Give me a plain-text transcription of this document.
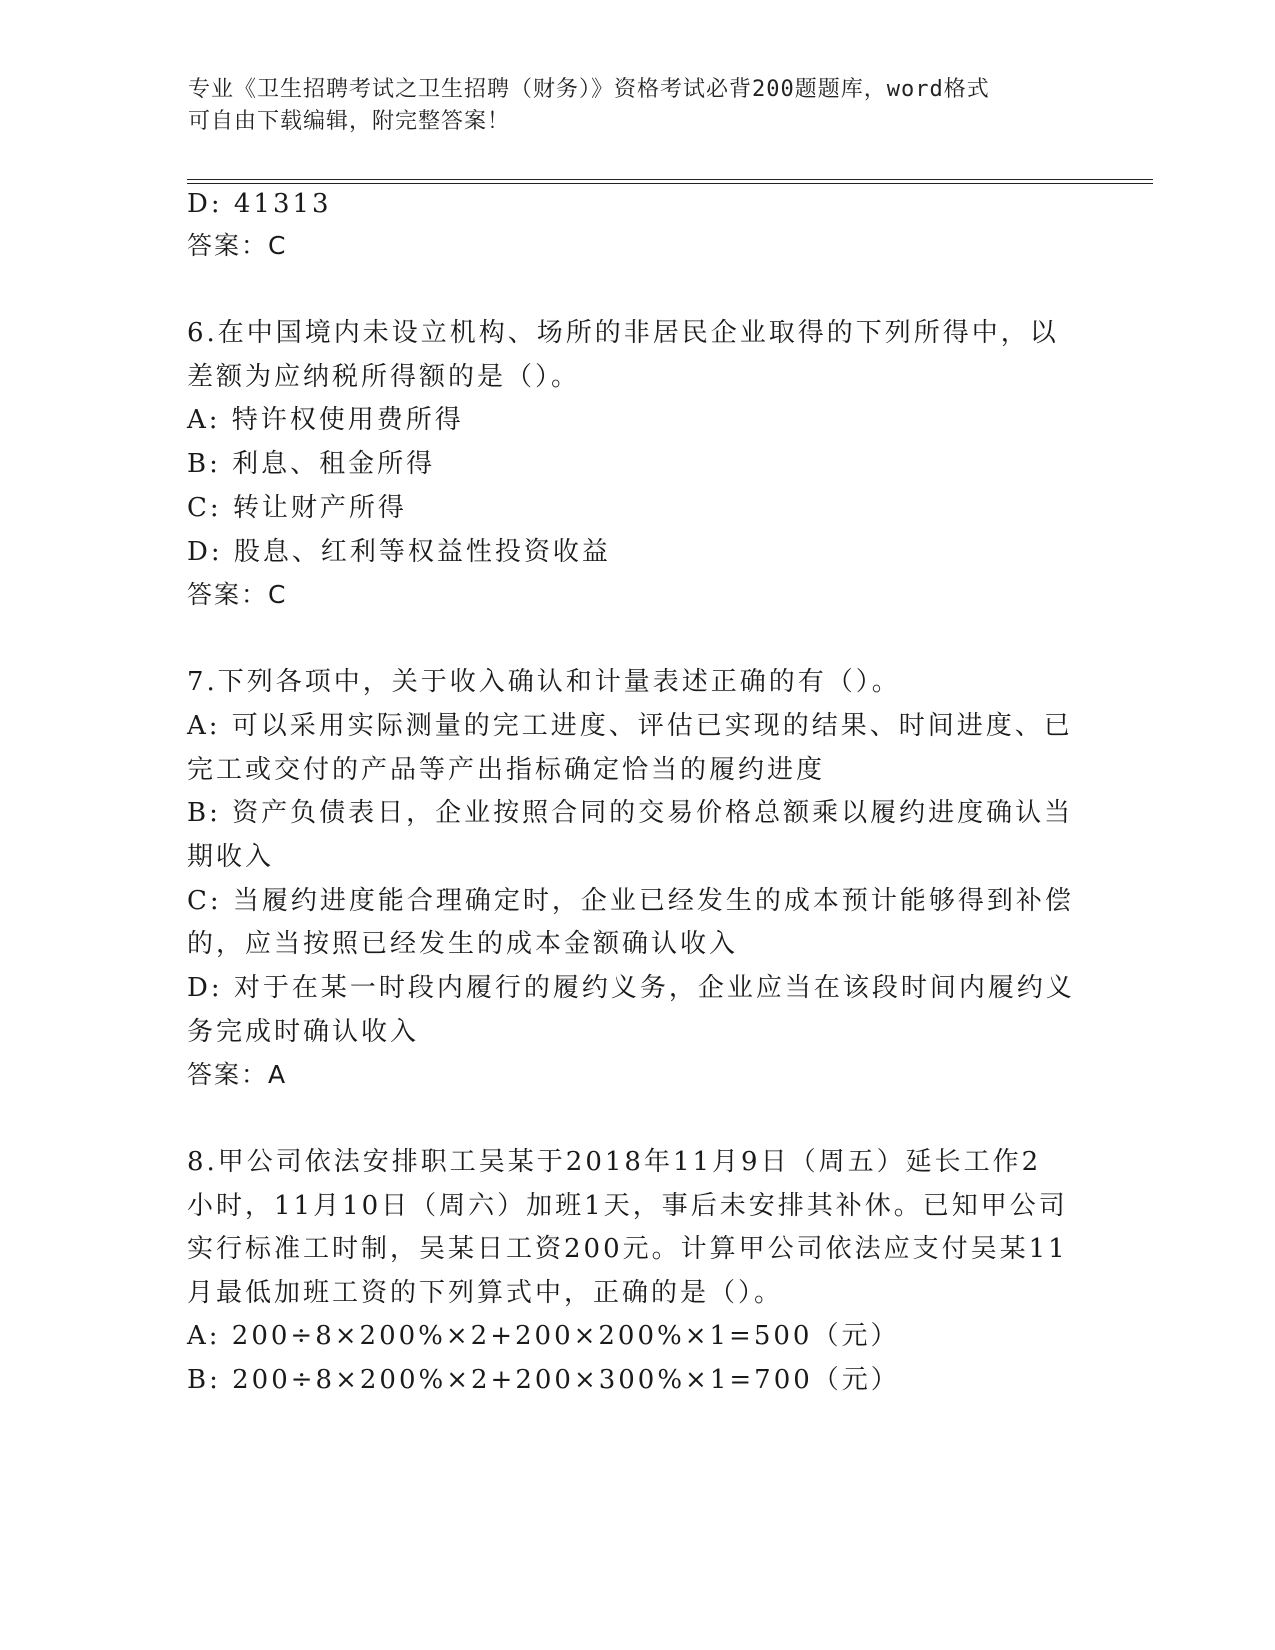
专业《卫生招聘考试之卫生招聘（财务）》资格考试必背200题题库，word格式
可自由下载编辑，附完整答案！
D: 41313
答案：C
6.在中国境内未设立机构、场所的非居民企业取得的下列所得中，以
差额为应纳税所得额的是（）。
A: 特许权使用费所得
B: 利息、租金所得
C: 转让财产所得
D: 股息、红利等权益性投资收益
答案：C
7.下列各项中，关于收入确认和计量表述正确的有（）。
A: 可以采用实际测量的完工进度、评估已实现的结果、时间进度、已
完工或交付的产品等产出指标确定恰当的履约进度
B: 资产负债表日，企业按照合同的交易价格总额乘以履约进度确认当
期收入
C: 当履约进度能合理确定时，企业已经发生的成本预计能够得到补偿
的，应当按照已经发生的成本金额确认收入
D: 对于在某一时段内履行的履约义务，企业应当在该段时间内履约义
务完成时确认收入
答案：A
8.甲公司依法安排职工吴某于2018年11月9日（周五）延长工作2
小时，11月10日（周六）加班1天，事后未安排其补休。已知甲公司
实行标准工时制，吴某日工资200元。计算甲公司依法应支付吴某11
月最低加班工资的下列算式中，正确的是（）。
A: 200÷8×200%×2+200×200%×1=500（元）
B: 200÷8×200%×2+200×300%×1=700（元）
